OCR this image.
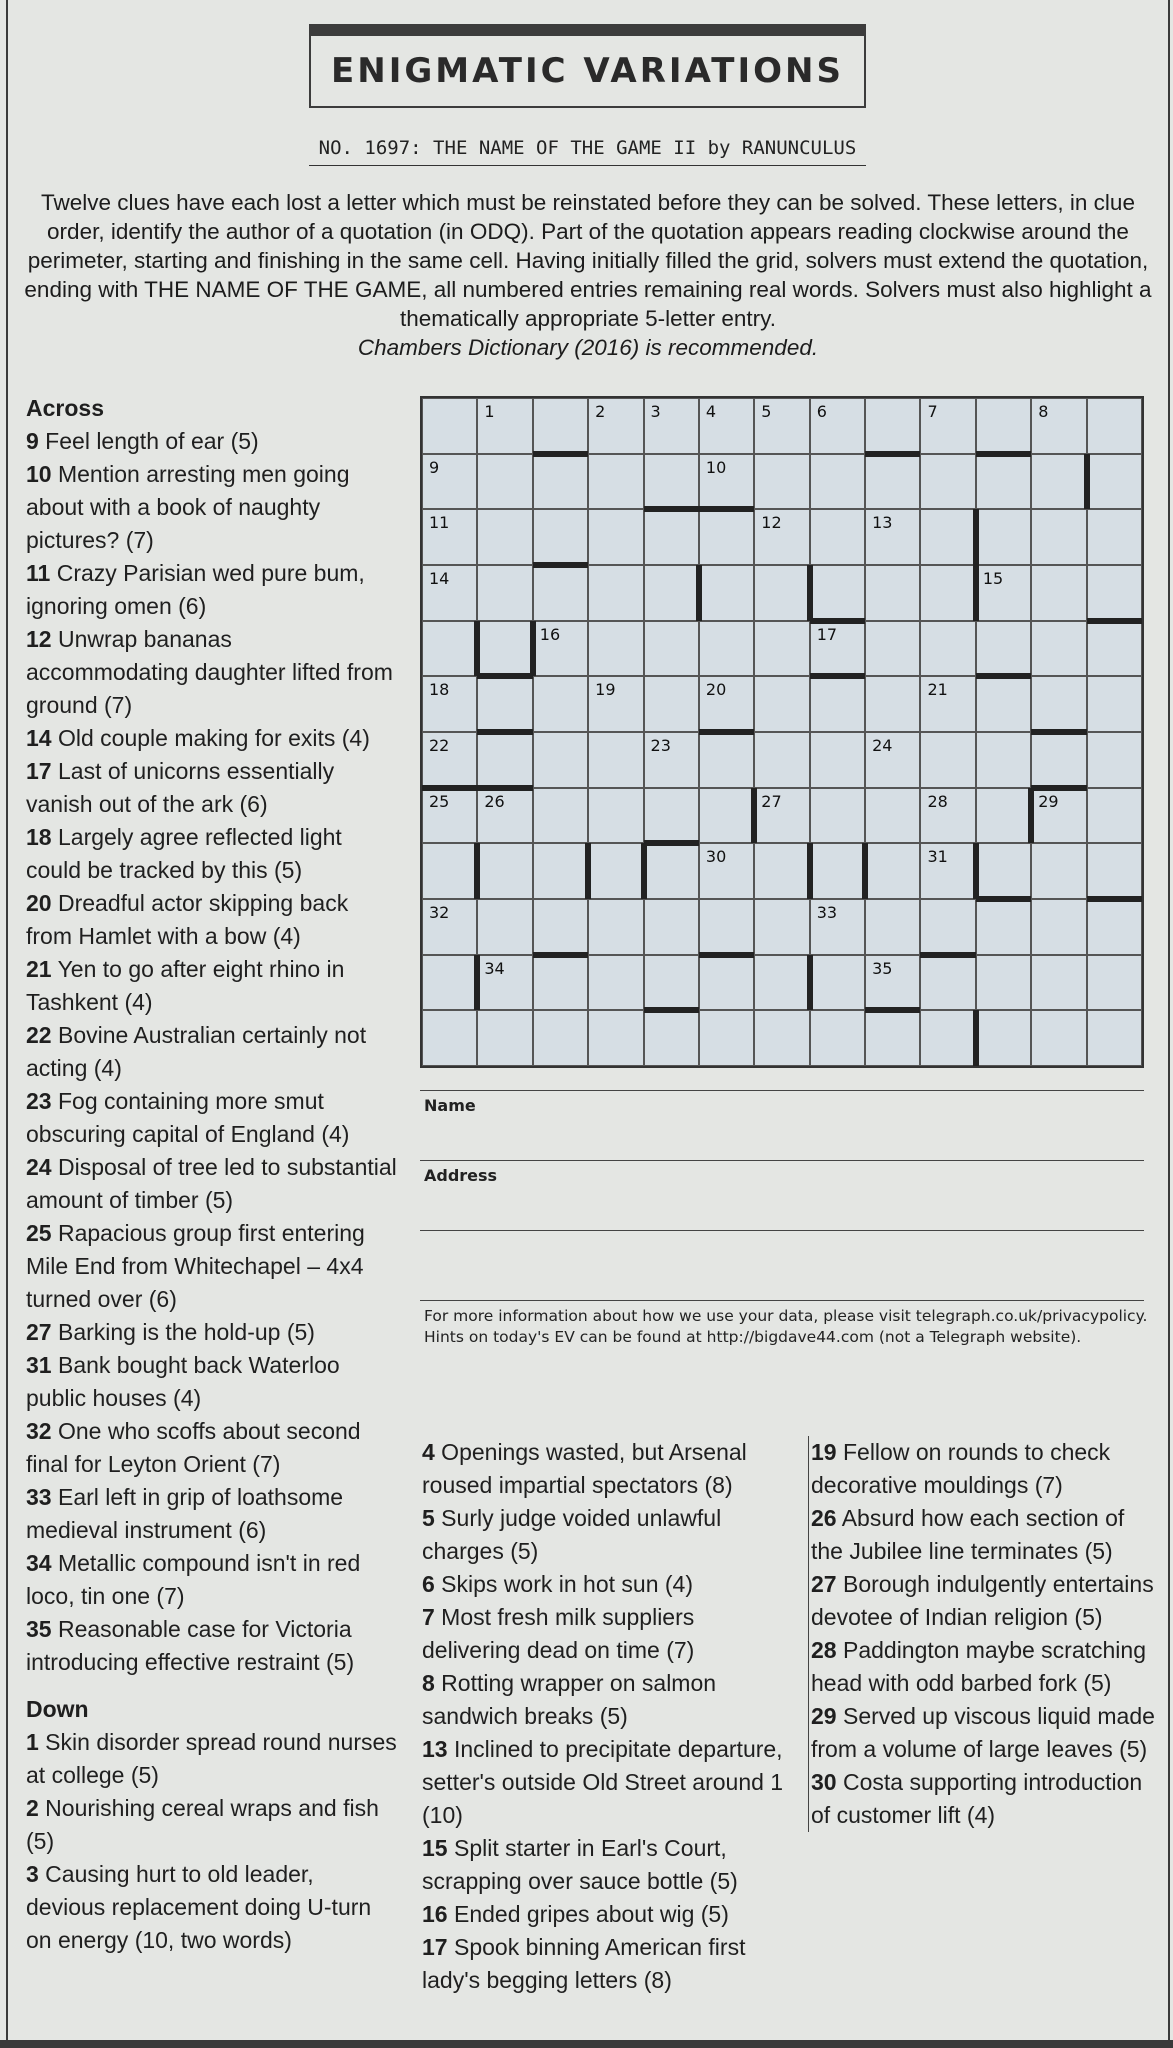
ENIGMATIC VARIATIONS
NO. 1697: THE NAME OF THE GAME II by RANUNCULUS
Twelve clues have each lost a letter which must be reinstated before they can be solved. These letters, in clue order, identify the author of a quotation (in ODQ). Part of the quotation appears reading clockwise around the perimeter, starting and finishing in the same cell. Having initially filled the grid, solvers must extend the quotation, ending with THE NAME OF THE GAME, all numbered entries remaining real words. Solvers must also highlight a thematically appropriate 5-letter entry.
Chambers Dictionary (2016) is recommended.
Across

9 Feel length of ear (5)

10 Mention arresting men going about with a book of naughty pictures? (7)

11 Crazy Parisian wed pure bum, ignoring omen (6)

12 Unwrap bananas accommodating daughter lifted from ground (7)

14 Old couple making for exits (4)

17 Last of unicorns essentially vanish out of the ark (6)

18 Largely agree reflected light could be tracked by this (5)

20 Dreadful actor skipping back from Hamlet with a bow (4)

21 Yen to go after eight rhino in Tashkent (4)

22 Bovine Australian certainly not acting (4)

23 Fog containing more smut obscuring capital of England (4)

24 Disposal of tree led to substantial amount of timber (5)

25 Rapacious group first entering Mile End from Whitechapel – 4x4 turned over (6)

27 Barking is the hold-up (5)

31 Bank bought back Waterloo public houses (4)

32 One who scoffs about second final for Leyton Orient (7)

33 Earl left in grip of loathsome medieval instrument (6)

34 Metallic compound isn't in red loco, tin one (7)

35 Reasonable case for Victoria introducing effective restraint (5)

Down

1 Skin disorder spread round nurses at college (5)

2 Nourishing cereal wraps and fish (5)

3 Causing hurt to old leader, devious replacement doing U-turn on energy (10, two words)

1	2	3	4	5	6	7	8
9	10
11	12	13
14	15
16	17
18	19	20	21
22	23	24
25 26	27	28	29
30	31
32	33
34	35
Name
Address
For more information about how we use your data, please visit telegraph.co.uk/privacypolicy.
Hints on today's EV can be found at http://bigdave44.com (not a Telegraph website).

4 Openings wasted, but Arsenal roused impartial spectators (8)

5 Surly judge voided unlawful charges (5)

6 Skips work in hot sun (4)

7 Most fresh milk suppliers delivering dead on time (7)

8 Rotting wrapper on salmon sandwich breaks (5)

13 Inclined to precipitate departure, setter's outside Old Street around 1 (10)

15 Split starter in Earl's Court, scrapping over sauce bottle (5)

16 Ended gripes about wig (5)

17 Spook binning American first lady's begging letters (8)

19 Fellow on rounds to check decorative mouldings (7)

26 Absurd how each section of the Jubilee line terminates (5)

27 Borough indulgently entertains devotee of Indian religion (5)

28 Paddington maybe scratching head with odd barbed fork (5)

29 Served up viscous liquid made from a volume of large leaves (5)

30 Costa supporting introduction of customer lift (4)
